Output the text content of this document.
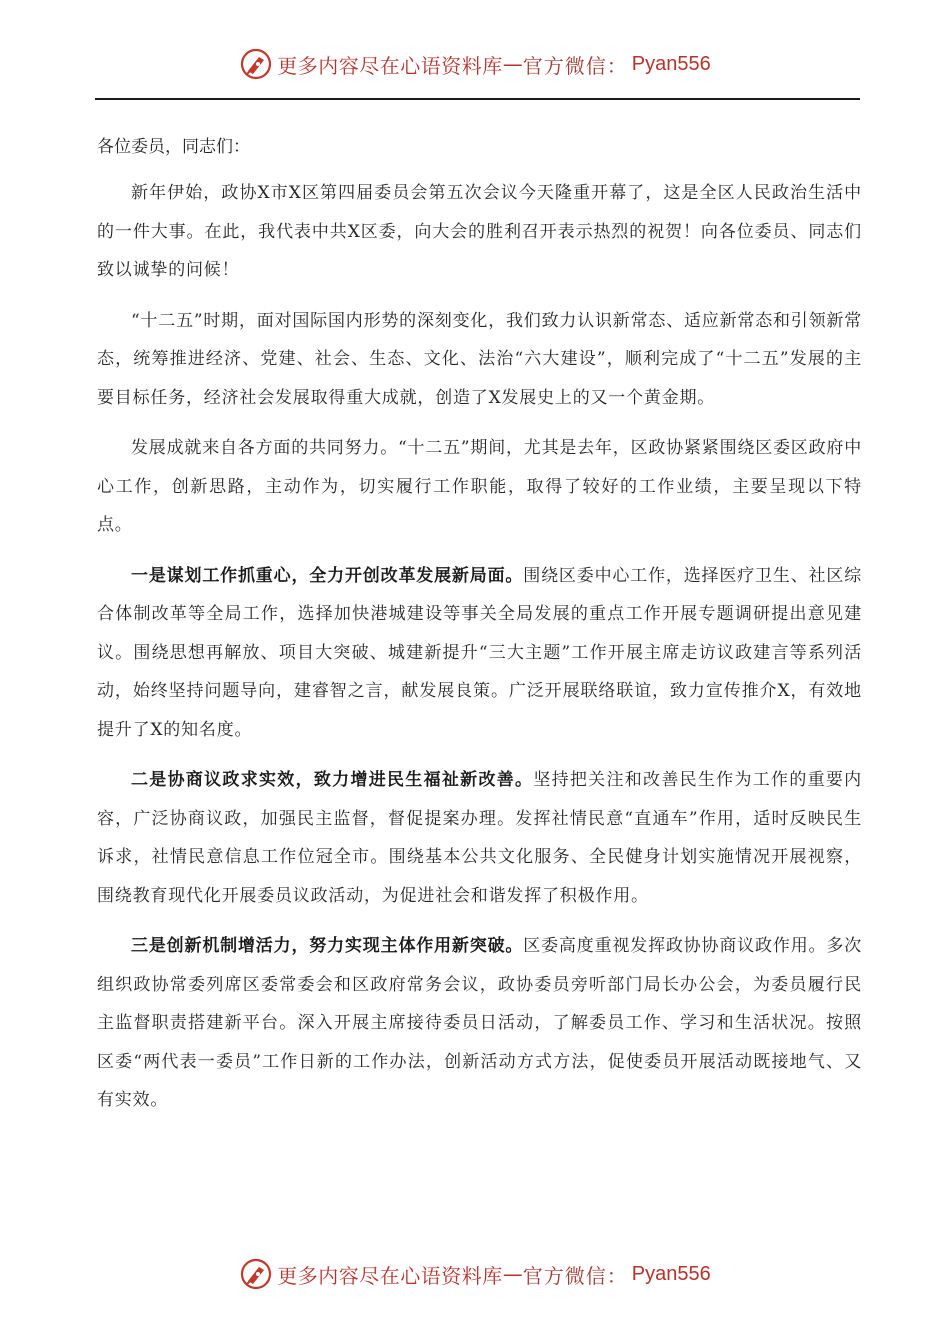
更多内容尽在心语资料库 — 官方微信： Pyan556

各位委员，同志们：

新年伊始，政协X市X区第四届委员会第五次会议今天隆重开幕了，这是全区人民政治生活中的一件大事。在此，我代表中共X区委，向大会的胜利召开表示热烈的祝贺！向各位委员、同志们致以诚挚的问候！

“十二五”时期，面对国际国内形势的深刻变化，我们致力认识新常态、适应新常态和引领新常态，统筹推进经济、党建、社会、生态、文化、法治“六大建设”，顺利完成了“十二五”发展的主要目标任务，经济社会发展取得重大成就，创造了X发展史上的又一个黄金期。

发展成就来自各方面的共同努力。“十二五”期间，尤其是去年，区政协紧紧围绕区委区政府中心工作，创新思路，主动作为，切实履行工作职能，取得了较好的工作业绩，主要呈现以下特点。

一是谋划工作抓重心，全力开创改革发展新局面。围绕区委中心工作，选择医疗卫生、社区综合体制改革等全局工作，选择加快港城建设等事关全局发展的重点工作开展专题调研提出意见建议。围绕思想再解放、项目大突破、城建新提升“三大主题”工作开展主席走访议政建言等系列活动，始终坚持问题导向，建睿智之言，献发展良策。广泛开展联络联谊，致力宣传推介X，有效地提升了X的知名度。

二是协商议政求实效，致力增进民生福祉新改善。坚持把关注和改善民生作为工作的重要内容，广泛协商议政，加强民主监督，督促提案办理。发挥社情民意“直通车”作用，适时反映民生诉求，社情民意信息工作位冠全市。围绕基本公共文化服务、全民健身计划实施情况开展视察，围绕教育现代化开展委员议政活动，为促进社会和谐发挥了积极作用。

三是创新机制增活力，努力实现主体作用新突破。区委高度重视发挥政协协商议政作用。多次组织政协常委列席区委常委会和区政府常务会议，政协委员旁听部门局长办公会，为委员履行民主监督职责搭建新平台。深入开展主席接待委员日活动，了解委员工作、学习和生活状况。按照区委“两代表一委员”工作日新的工作办法，创新活动方式方法，促使委员开展活动既接地气、又有实效。

更多内容尽在心语资料库 — 官方微信： Pyan556
